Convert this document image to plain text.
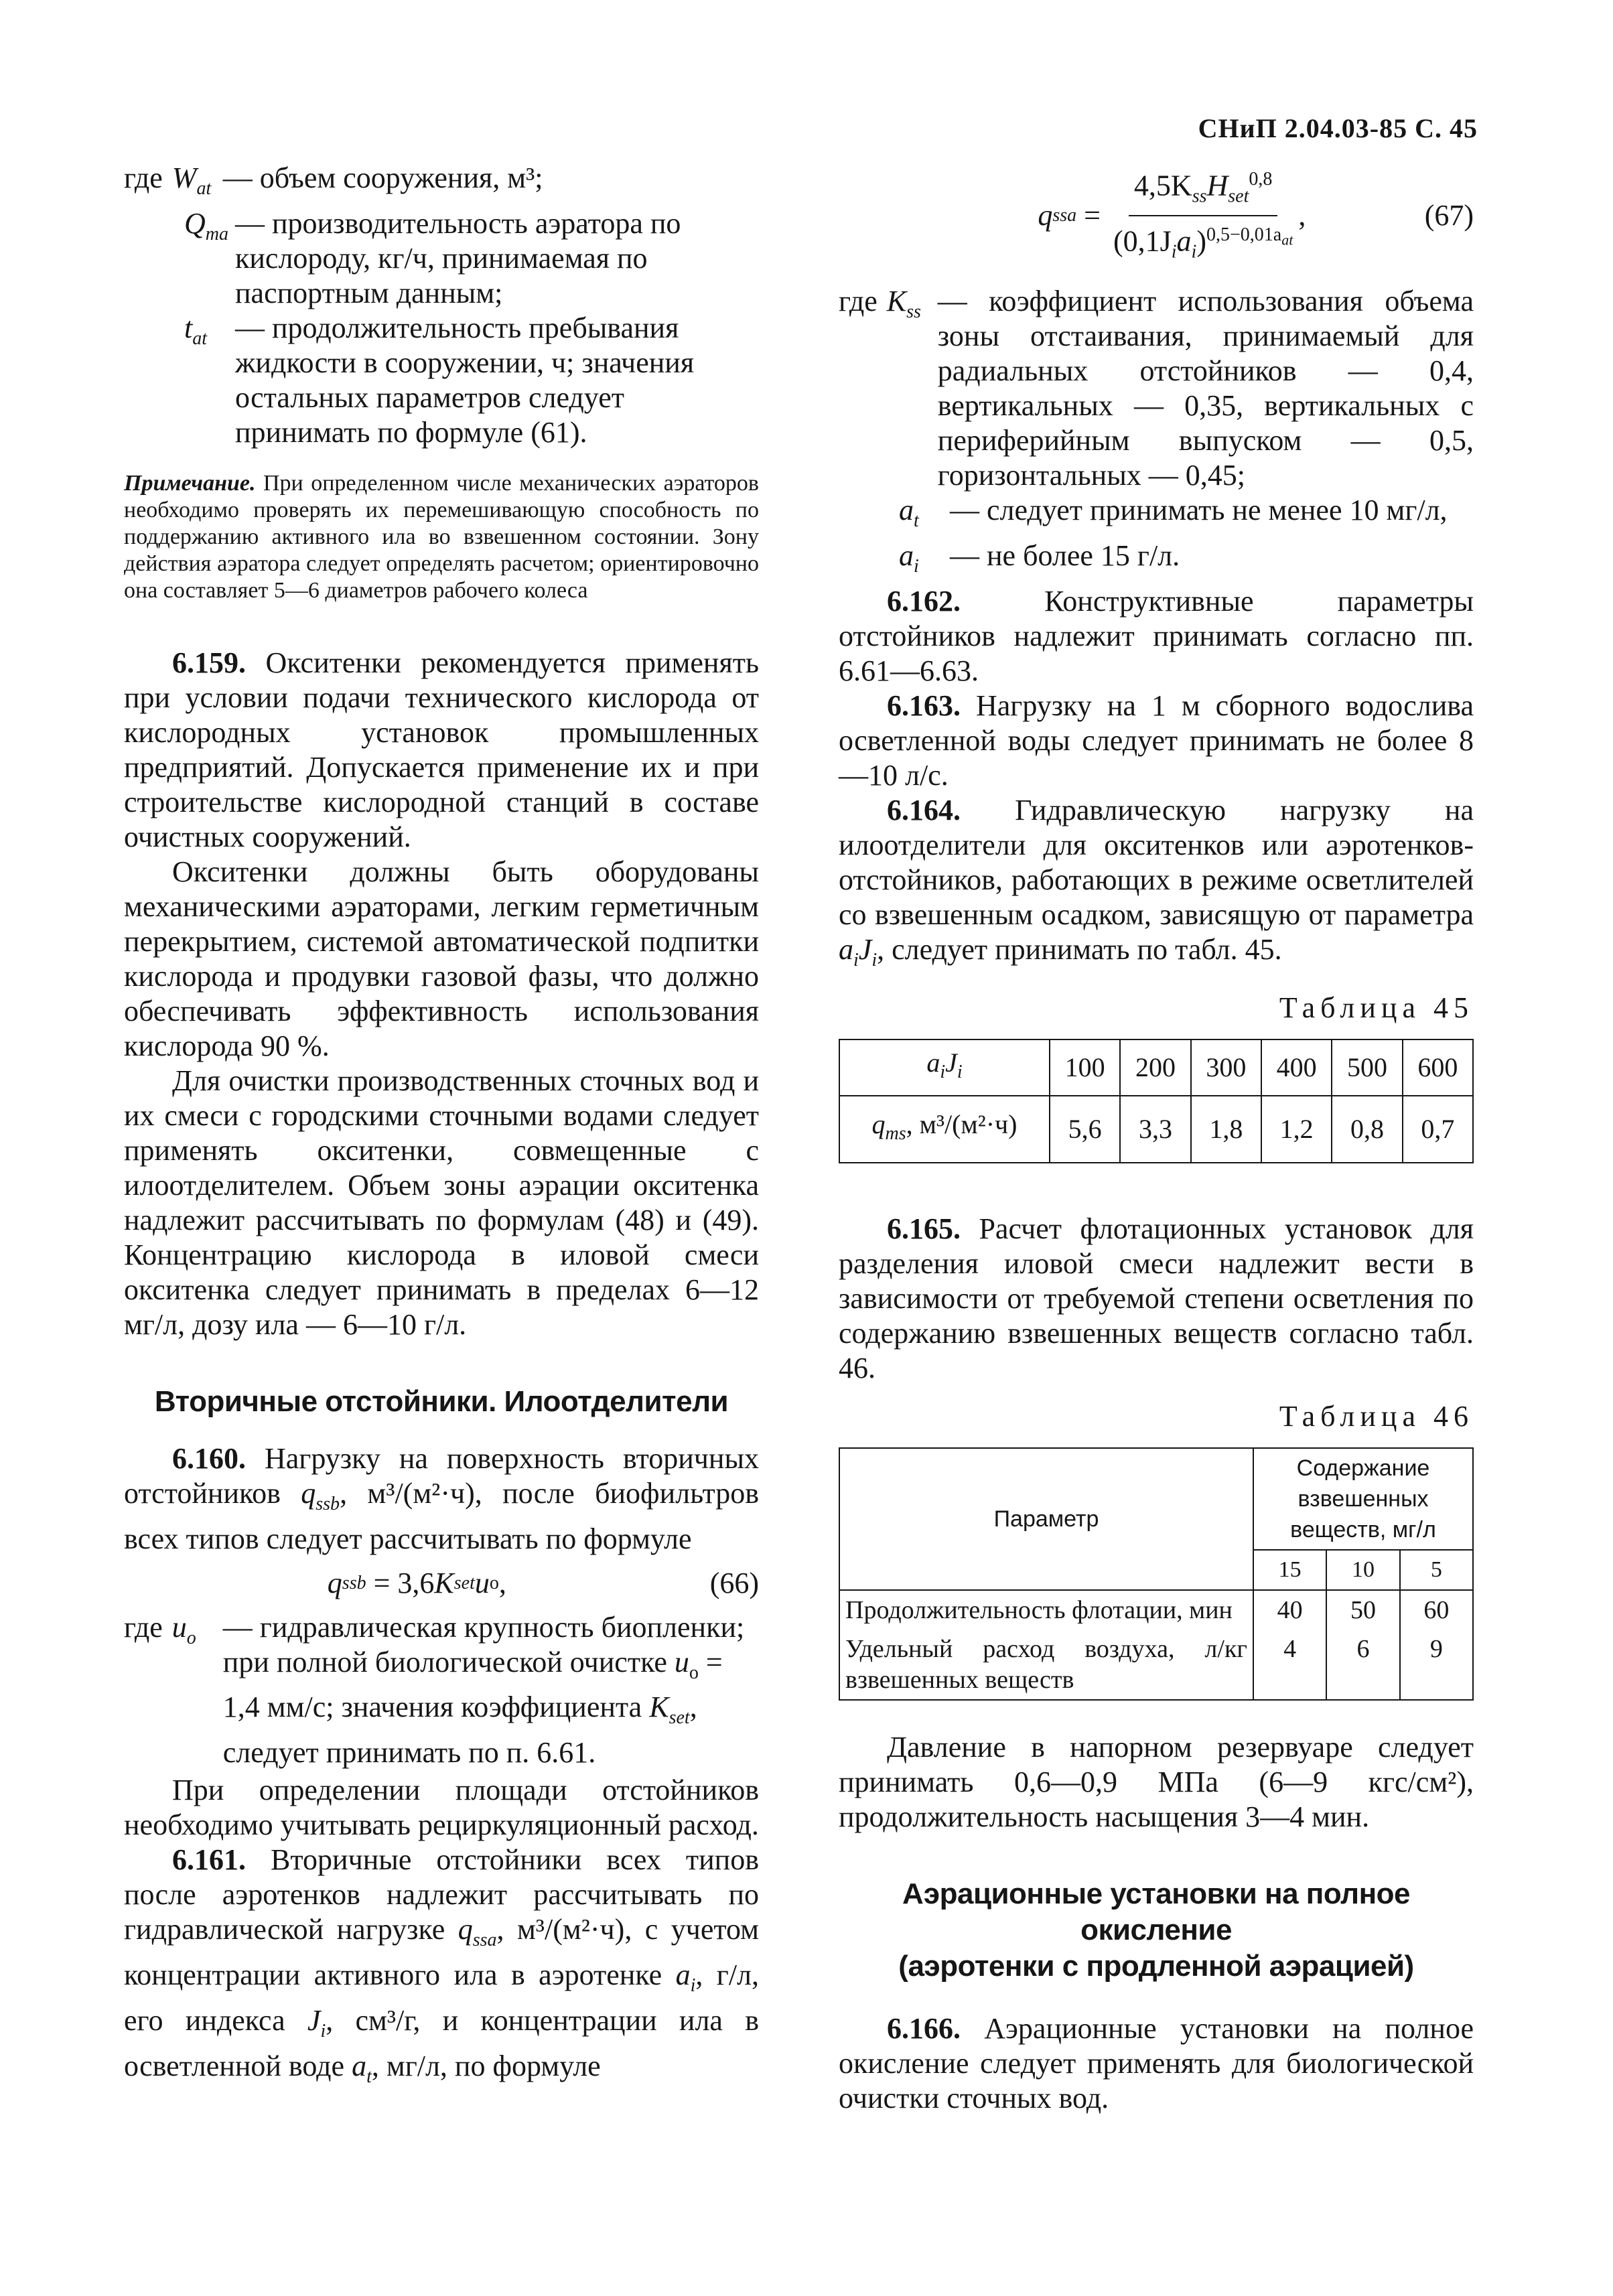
СНиП 2.04.03-85 С. 45
где $W_{at}$ — объем сооружения, м³;
$Q_{ma}$ — производительность аэратора по кислороду, кг/ч, принимаемая по паспортным данным;
$t_{at}$ — продолжительность пребывания жидкости в сооружении, ч; значения остальных параметров следует принимать по формуле (61).

Примечание. При определенном числе механических аэраторов необходимо проверять их перемешивающую способность по поддержанию активного ила во взвешенном состоянии. Зону действия аэратора следует определять расчетом; ориентировочно она составляет 5—6 диаметров рабочего колеса

6.159. Окситенки рекомендуется применять при условии подачи технического кислорода от кислородных установок промышленных предприятий. Допускается применение их и при строительстве кислородной станций в составе очистных сооружений.

Окситенки должны быть оборудованы механическими аэраторами, легким герметичным перекрытием, системой автоматической подпитки кислорода и продувки газовой фазы, что должно обеспечивать эффективность использования кислорода 90 %.

Для очистки производственных сточных вод и их смеси с городскими сточными водами следует применять окситенки, совмещенные с илоотделителем. Объем зоны аэрации окситенка надлежит рассчитывать по формулам (48) и (49). Концентрацию кислорода в иловой смеси окситенка следует принимать в пределах 6—12 мг/л, дозу ила — 6—10 г/л.

Вторичные отстойники. Илоотделители

6.160. Нагрузку на поверхность вторичных отстойников $q_{ssb}$, м³/(м²·ч), после биофильтров всех типов следует рассчитывать по формуле

q ssb
= 3,6 K set u o ,	(66)
где $u_o$ — гидравлическая крупность биопленки; при полной биологической очистке $u_o = 1,4$ мм/с; значения коэффициента $K_{set}$, следует принимать по п. 6.61.

При определении площади отстойников необходимо учитывать рециркуляционный расход.

6.161. Вторичные отстойники всех типов после аэротенков надлежит рассчитывать по гидравлической нагрузке $q_{ssa}$, м³/(м²·ч), с учетом концентрации активного ила в аэротенке $a_i$, г/л, его индекса $J_i$, см³/г, и концентрации ила в осветленной воде $a_t$, мг/л, по формуле

q ssa = $\frac{4,5K_{ss}H_{set}^{0,8}}{(0,1J_ia_i)^{0,5-0,01a_{at}}}$ ,	(67)
где $K_{ss}$ — коэффициент использования объема зоны отстаивания, принимаемый для радиальных отстойников — 0,4, вертикальных — 0,35, вертикальных с периферийным выпуском — 0,5, горизонтальных — 0,45;
$a_t$	— следует принимать не менее 10 мг/л,
$a_i$	— не более 15 г/л.

6.162.	Конструктивные параметры отстойников надлежит принимать согласно пп. 6.61—6.63.

6.163. Нагрузку на 1 м сборного водослива осветленной воды следует принимать не более 8—10 л/с.

6.164. Гидравлическую нагрузку на илоотделители для окситенков или аэротенков-отстойников, работающих в режиме осветлителей со взвешенным осадком, зависящую от параметра $a_iJ_i$, следует принимать по табл. 45.

Таблица 45
$a_iJ_i$	100	200	300	400	500	600
$q_{ms}$, м³/(м²·ч)	5,6	3,3	1,8	1,2	0,8	0,7

6.165. Расчет флотационных установок для разделения иловой смеси надлежит вести в зависимости от требуемой степени осветления по содержанию взвешенных веществ согласно табл. 46.

Таблица 46
Параметр	Содержание взвешенных веществ, мг/л		
	15	10	5
Продолжительность флотации, мин	40	50	60
Удельный расход воздуха, л/кг взвешенных веществ	4	6	9

Давление в напорном резервуаре следует принимать 0,6—0,9 МПа (6—9 кгс/см²), продолжительность насыщения 3—4 мин.

Аэрационные установки на полное окисление
(аэротенки с продленной аэрацией)

6.166. Аэрационные установки на полное окисление следует применять для биологической очистки сточных вод.
